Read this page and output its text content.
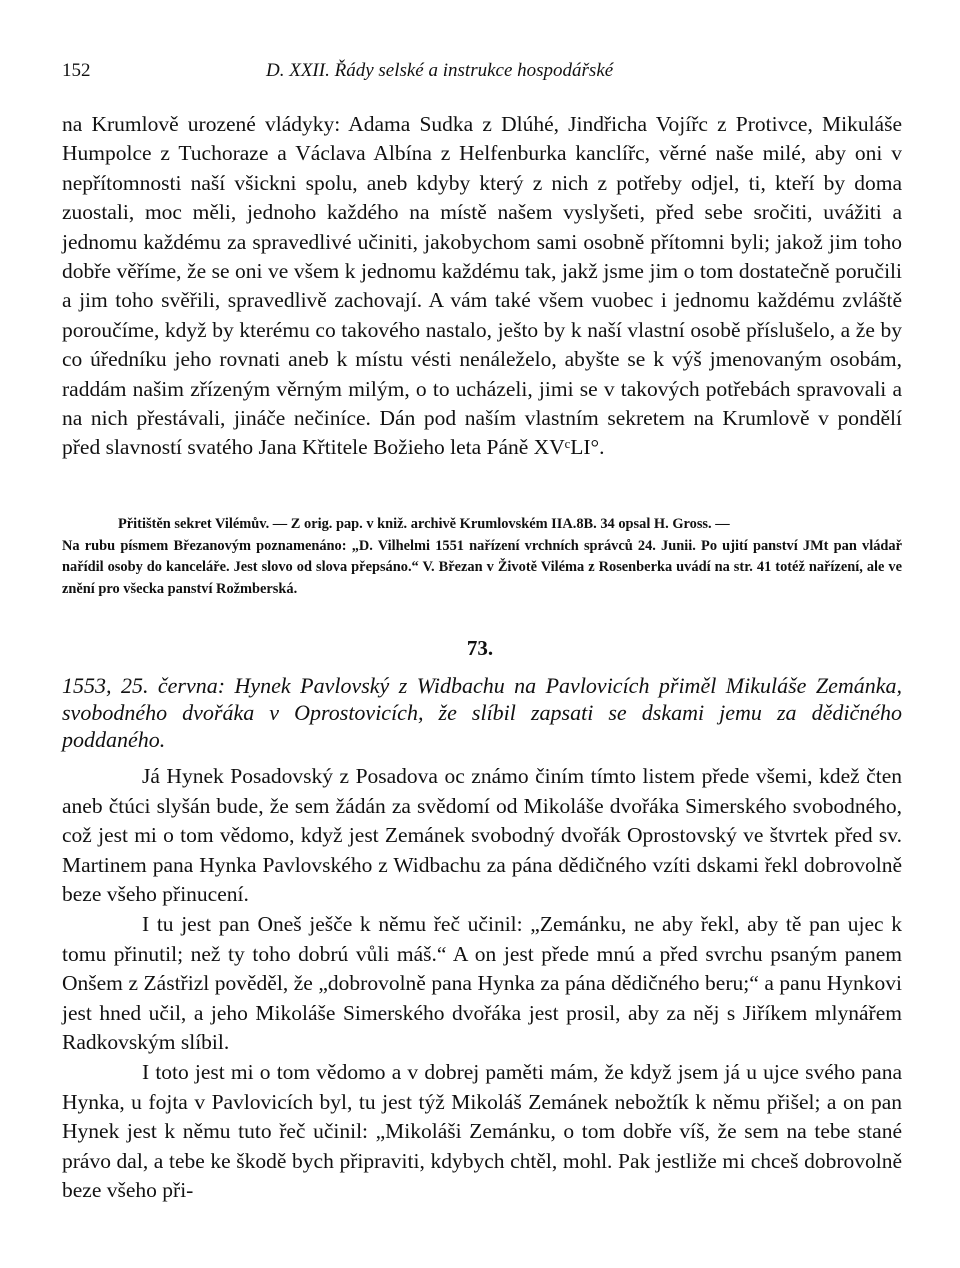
152	D. XXII. Řády selské a instrukce hospodářské

na Krumlově urozené vládyky: Adama Sudka z Dlúhé, Jindřicha Vojířc z Protivce, Mikuláše Humpolce z Tuchoraze a Václava Albína z Helfenburka kanclířc, věrné naše milé, aby oni v nepřítomnosti naší všickni spolu, aneb kdyby který z nich z potřeby odjel, ti, kteří by doma zuostali, moc měli, jednoho každého na místě našem vyslyšeti, před sebe sročiti, uvážiti a jednomu každému za spravedlivé učiniti, jakobychom sami osobně přítomni byli; jakož jim toho dobře věříme, že se oni ve všem k jednomu každému tak, jakž jsme jim o tom dostatečně poručili a jim toho svěřili, spravedlivě zachovají. A vám také všem vuobec i jednomu každému zvláště poroučíme, když by kterému co takového nastalo, ješto by k naší vlastní osobě příslušelo, a že by co úředníku jeho rovnati aneb k místu vésti nenáleželo, abyšte se k výš jmenovaným osobám, raddám našim zřízeným věrným milým, o to ucházeli, jimi se v takových potřebách spravovali a na nich přestávali, jináče nečiníce. Dán pod naším vlastním sekretem na Krumlově v pondělí před slavností svatého Jana Křtitele Božieho leta Páně XVᶜLI°.

Přitištěn sekret Vilémův. — Z orig. pap. v kniž. archivě Krumlovském IIA.8B. 34 opsal H. Gross. —

Na rubu písmem Březanovým poznamenáno: „D. Vilhelmi 1551 nařízení vrchních správců 24. Junii. Po ujití panství JMt pan vládař nařídil osoby do kanceláře. Jest slovo od slova přepsáno.“ V. Březan v Životě Viléma z Rosenberka uvádí na str. 41 totéž nařízení, ale ve znění pro všecka panství Rožmberská.

73.

1553, 25. června: Hynek Pavlovský z Widbachu na Pavlovicích přiměl Mikuláše Zemánka, svobodného dvořáka v Oprostovicích, že slíbil zapsati se dskami jemu za dědičného poddaného.

Já Hynek Posadovský z Posadova oc známo činím tímto listem přede všemi, kdež čten aneb čtúci slyšán bude, že sem žádán za svědomí od Mikoláše dvořáka Simerského svobodného, což jest mi o tom vědomo, když jest Zemánek svobodný dvořák Oprostovský ve štvrtek před sv. Martinem pana Hynka Pavlovského z Widbachu za pána dědičného vzíti dskami řekl dobrovolně beze všeho přinucení.

I tu jest pan Oneš ješče k němu řeč učinil: „Zemánku, ne aby řekl, aby tě pan ujec k tomu přinutil; než ty toho dobrú vůli máš.“ A on jest přede mnú a před svrchu psaným panem Onšem z Zástřizl pověděl, že „dobrovolně pana Hynka za pána dědičného beru;“ a panu Hynkovi jest hned učil, a jeho Mikoláše Simerského dvořáka jest prosil, aby za něj s Jiříkem mlynářem Radkovským slíbil.

I toto jest mi o tom vědomo a v dobrej paměti mám, že když jsem já u ujce svého pana Hynka, u fojta v Pavlovicích byl, tu jest týž Mikoláš Zemánek nebožtík k němu přišel; a on pan Hynek jest k němu tuto řeč učinil: „Mikoláši Zemánku, o tom dobře víš, že sem na tebe stané právo dal, a tebe ke škodě bych připraviti, kdybych chtěl, mohl. Pak jestliže mi chceš dobrovolně beze všeho při-
